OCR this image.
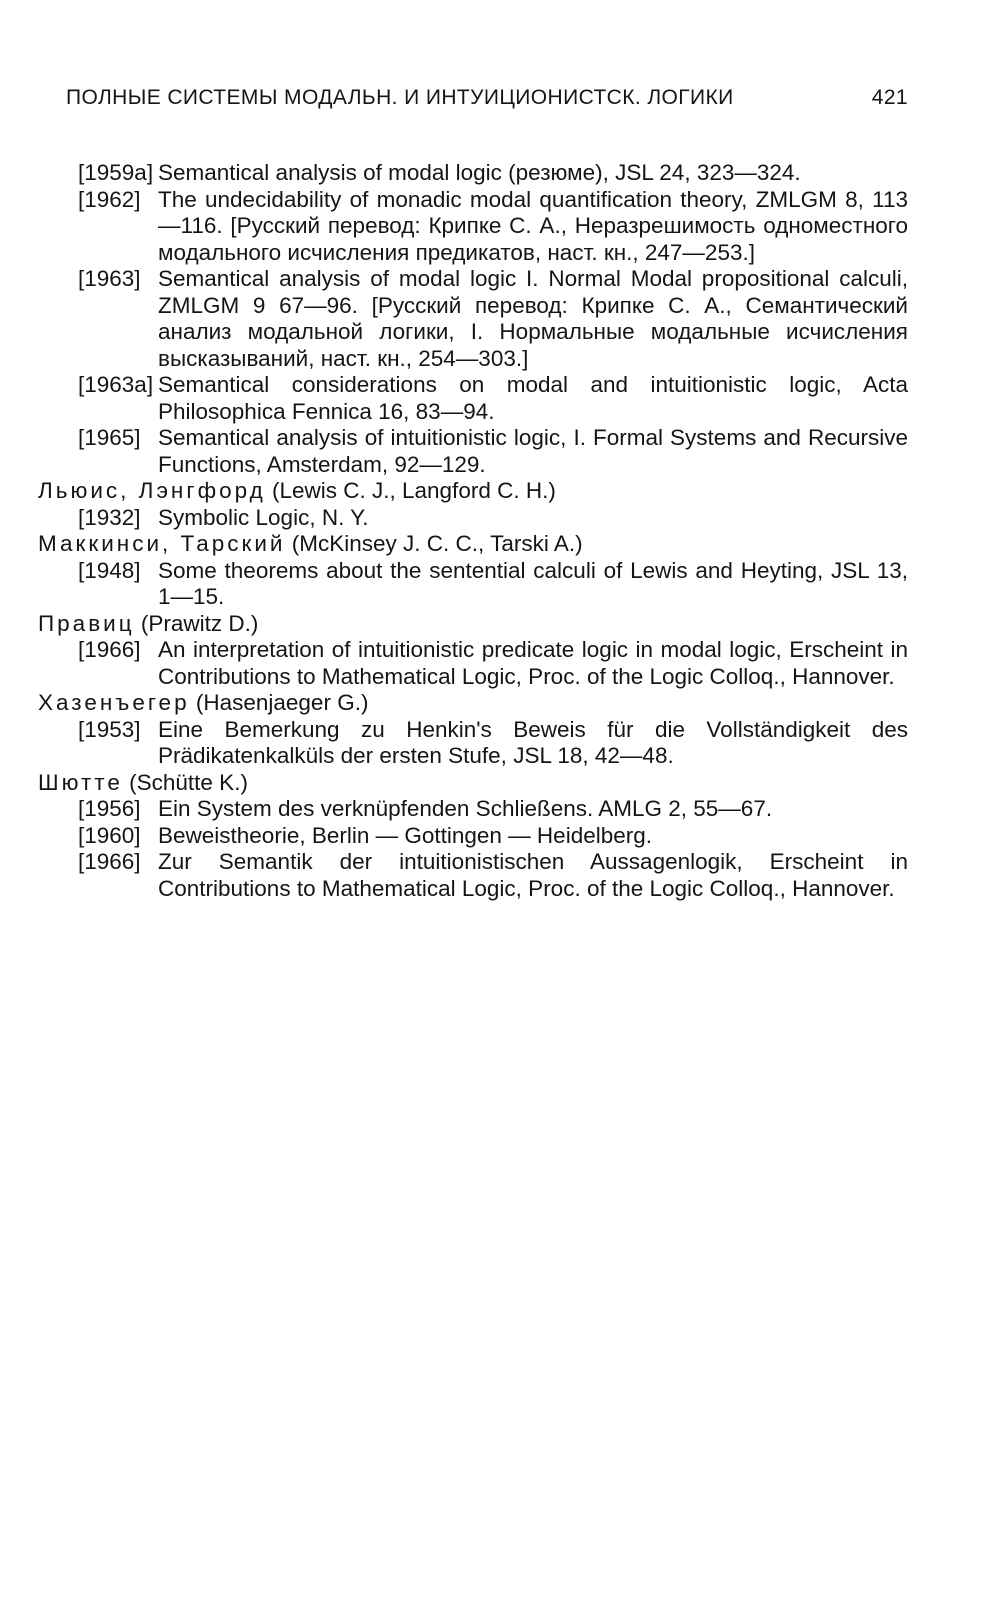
ПОЛНЫЕ СИСТЕМЫ МОДАЛЬН. И ИНТУИЦИОНИСТСК. ЛОГИКИ	421

[1959a] Semantical analysis of modal logic (резюме), JSL 24, 323—324.

[1962] The undecidability of monadic modal quantification theory, ZMLGM 8, 113—116. [Русский перевод: Крипке С. А., Неразрешимость одноместного модального исчисления предикатов, наст. кн., 247—253.]

[1963] Semantical analysis of modal logic I. Normal Modal propositional calculi, ZMLGM 9 67—96. [Русский перевод: Крипке С. А., Семантический анализ модальной логики, I. Нормальные модальные исчисления высказываний, наст. кн., 254—303.]

[1963a] Semantical considerations on modal and intuitionistic logic, Acta Philosophica Fennica 16, 83—94.

[1965] Semantical analysis of intuitionistic logic, I. Formal Systems and Recursive Functions, Amsterdam, 92—129.

Льюис, Лэнгфорд (Lewis C. J., Langford C. H.)

[1932] Symbolic Logic, N. Y.

Маккинси, Тарский (McKinsey J. C. C., Tarski A.)

[1948] Some theorems about the sentential calculi of Lewis and Heyting, JSL 13, 1—15.

Правиц (Prawitz D.)

[1966] An interpretation of intuitionistic predicate logic in modal logic, Erscheint in Contributions to Mathematical Logic, Proc. of the Logic Colloq., Hannover.

Хазенъегер (Hasenjaeger G.)

[1953] Eine Bemerkung zu Henkin's Beweis für die Vollständigkeit des Prädikatenkalküls der ersten Stufe, JSL 18, 42—48.

Шютте (Schütte K.)

[1956] Ein System des verknüpfenden Schließens. AMLG 2, 55—67.

[1960] Beweistheorie, Berlin — Gottingen — Heidelberg.

[1966] Zur Semantik der intuitionistischen Aussagenlogik, Erscheint in Contributions to Mathematical Logic, Proc. of the Logic Colloq., Hannover.
